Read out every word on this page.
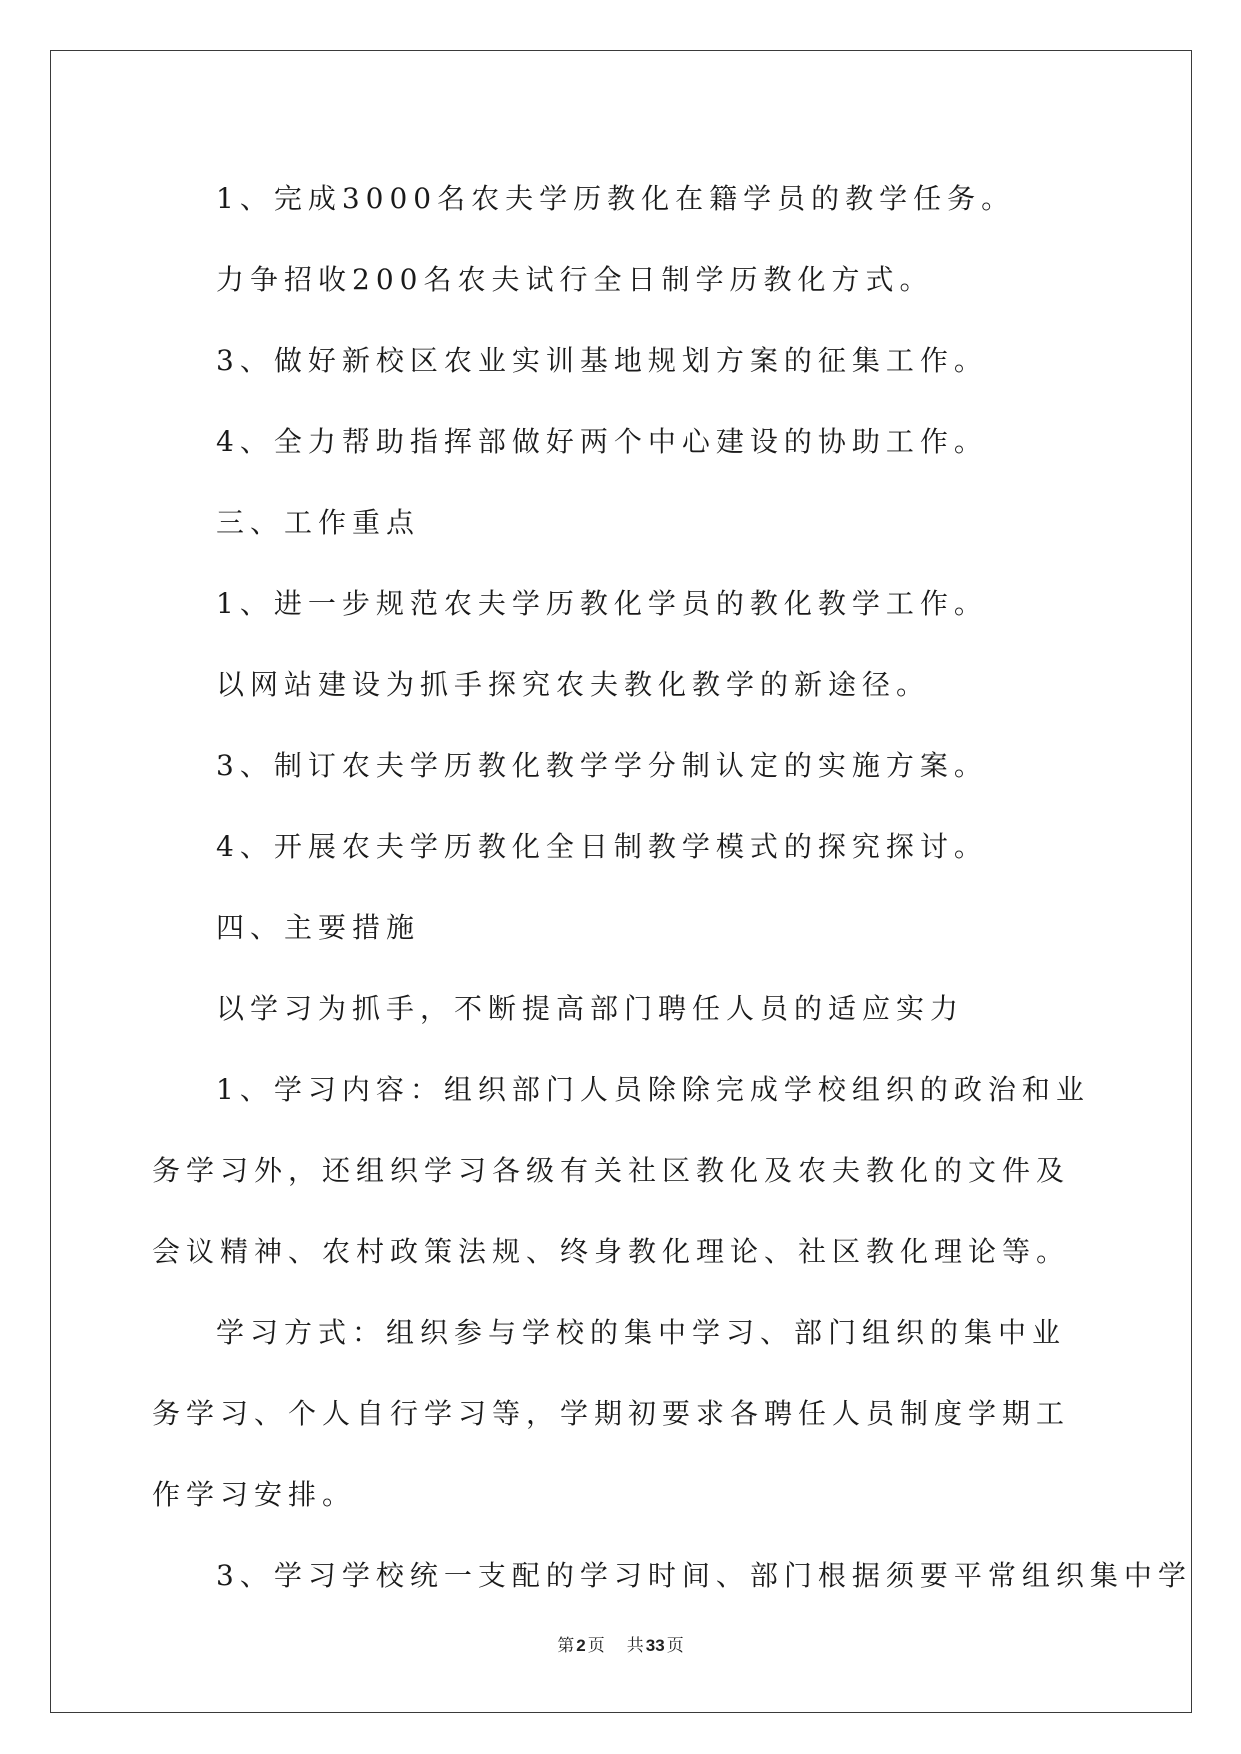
1、完成3000名农夫学历教化在籍学员的教学任务。

力争招收200名农夫试行全日制学历教化方式。

3、做好新校区农业实训基地规划方案的征集工作。

4、全力帮助指挥部做好两个中心建设的协助工作。

三、工作重点

1、进一步规范农夫学历教化学员的教化教学工作。

以网站建设为抓手探究农夫教化教学的新途径。

3、制订农夫学历教化教学学分制认定的实施方案。

4、开展农夫学历教化全日制教学模式的探究探讨。

四、主要措施

以学习为抓手，不断提高部门聘任人员的适应实力

1、学习内容：组织部门人员除除完成学校组织的政治和业务学习外，还组织学习各级有关社区教化及农夫教化的文件及会议精神、农村政策法规、终身教化理论、社区教化理论等。

学习方式：组织参与学校的集中学习、部门组织的集中业务学习、个人自行学习等，学期初要求各聘任人员制度学期工作学习安排。

3、学习学校统一支配的学习时间、部门根据须要平常组织集中学

第 2 页 共 33 页
